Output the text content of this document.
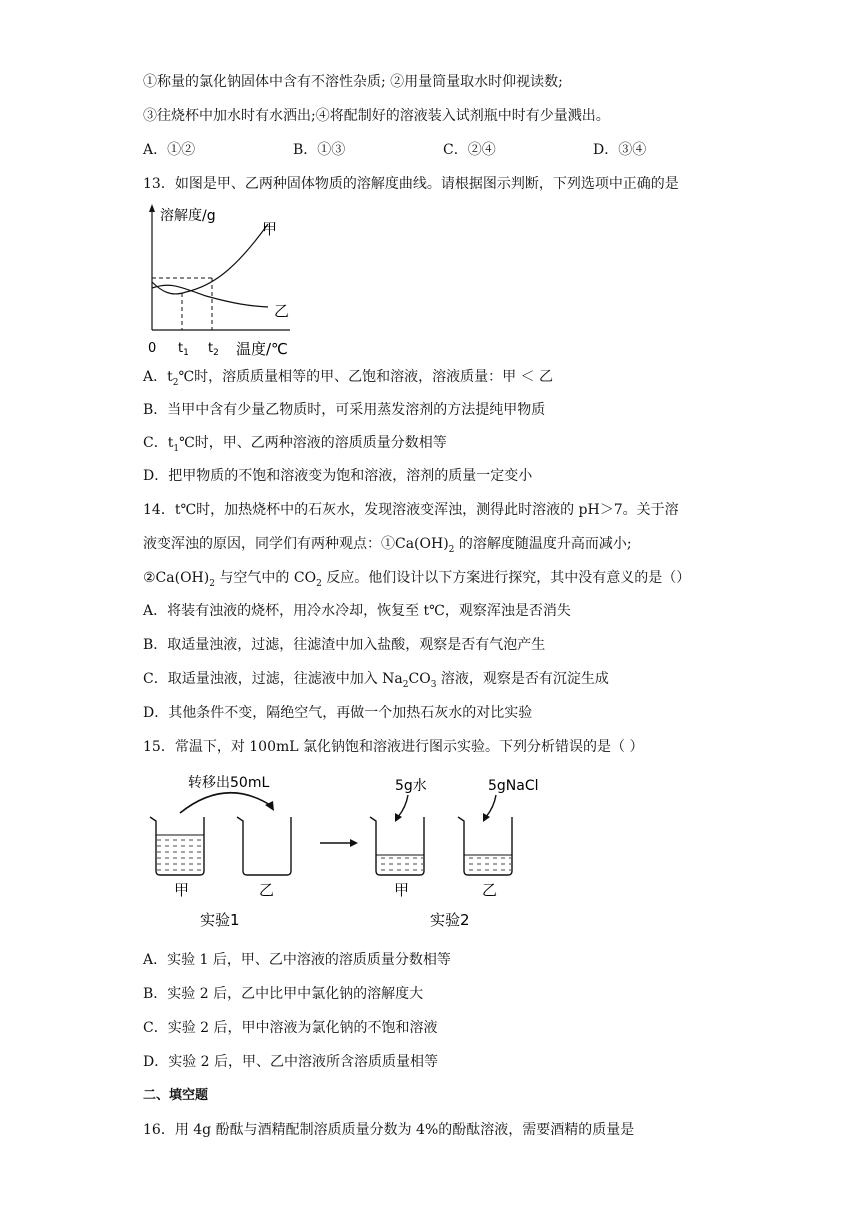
①称量的氯化钠固体中含有不溶性杂质; ②用量筒量取水时仰视读数;
③往烧杯中加水时有水洒出;④将配制好的溶液装入试剂瓶中时有少量溅出。
A．①②	B．①③	C．②④	D．③④
13．如图是甲、乙两种固体物质的溶解度曲线。请根据图示判断，下列选项中正确的是
溶解度/g
甲
乙
0 $t_1$ $t_2$ 温度/℃
A．$t_2℃$时，溶质质量相等的甲、乙饱和溶液，溶液质量：甲 ＜ 乙
B．当甲中含有少量乙物质时，可采用蒸发溶剂的方法提纯甲物质
C．$t_1℃$时，甲、乙两种溶液的溶质质量分数相等
D．把甲物质的不饱和溶液变为饱和溶液，溶剂的质量一定变小
14．t℃时，加热烧杯中的石灰水，发现溶液变浑浊，测得此时溶液的 pH＞7。关于溶
液变浑浊的原因，同学们有两种观点：$①Ca(OH)_2$ 的溶解度随温度升高而减小;
$②Ca(OH)_2$ 与空气中的 $CO_2$ 反应。他们设计以下方案进行探究，其中没有意义的是（）
A．将装有浊液的烧杯，用冷水冷却，恢复至 t℃，观察浑浊是否消失
B．取适量浊液，过滤，往滤渣中加入盐酸，观察是否有气泡产生
C．取适量浊液，过滤，往滤液中加入 $Na_2CO_3$ 溶液，观察是否有沉淀生成
D．其他条件不变，隔绝空气，再做一个加热石灰水的对比实验
15．常温下，对 100mL 氯化钠饱和溶液进行图示实验。下列分析错误的是（ ）
转移出50mL
甲	乙
实验1
5g水	5gNaCl
甲	乙
实验2
A．实验 1 后，甲、乙中溶液的溶质质量分数相等
B．实验 2 后，乙中比甲中氯化钠的溶解度大
C．实验 2 后，甲中溶液为氯化钠的不饱和溶液
D．实验 2 后，甲、乙中溶液所含溶质质量相等
二、填空题
16．用 4g 酚酞与酒精配制溶质质量分数为 4%的酚酞溶液，需要酒精的质量是
